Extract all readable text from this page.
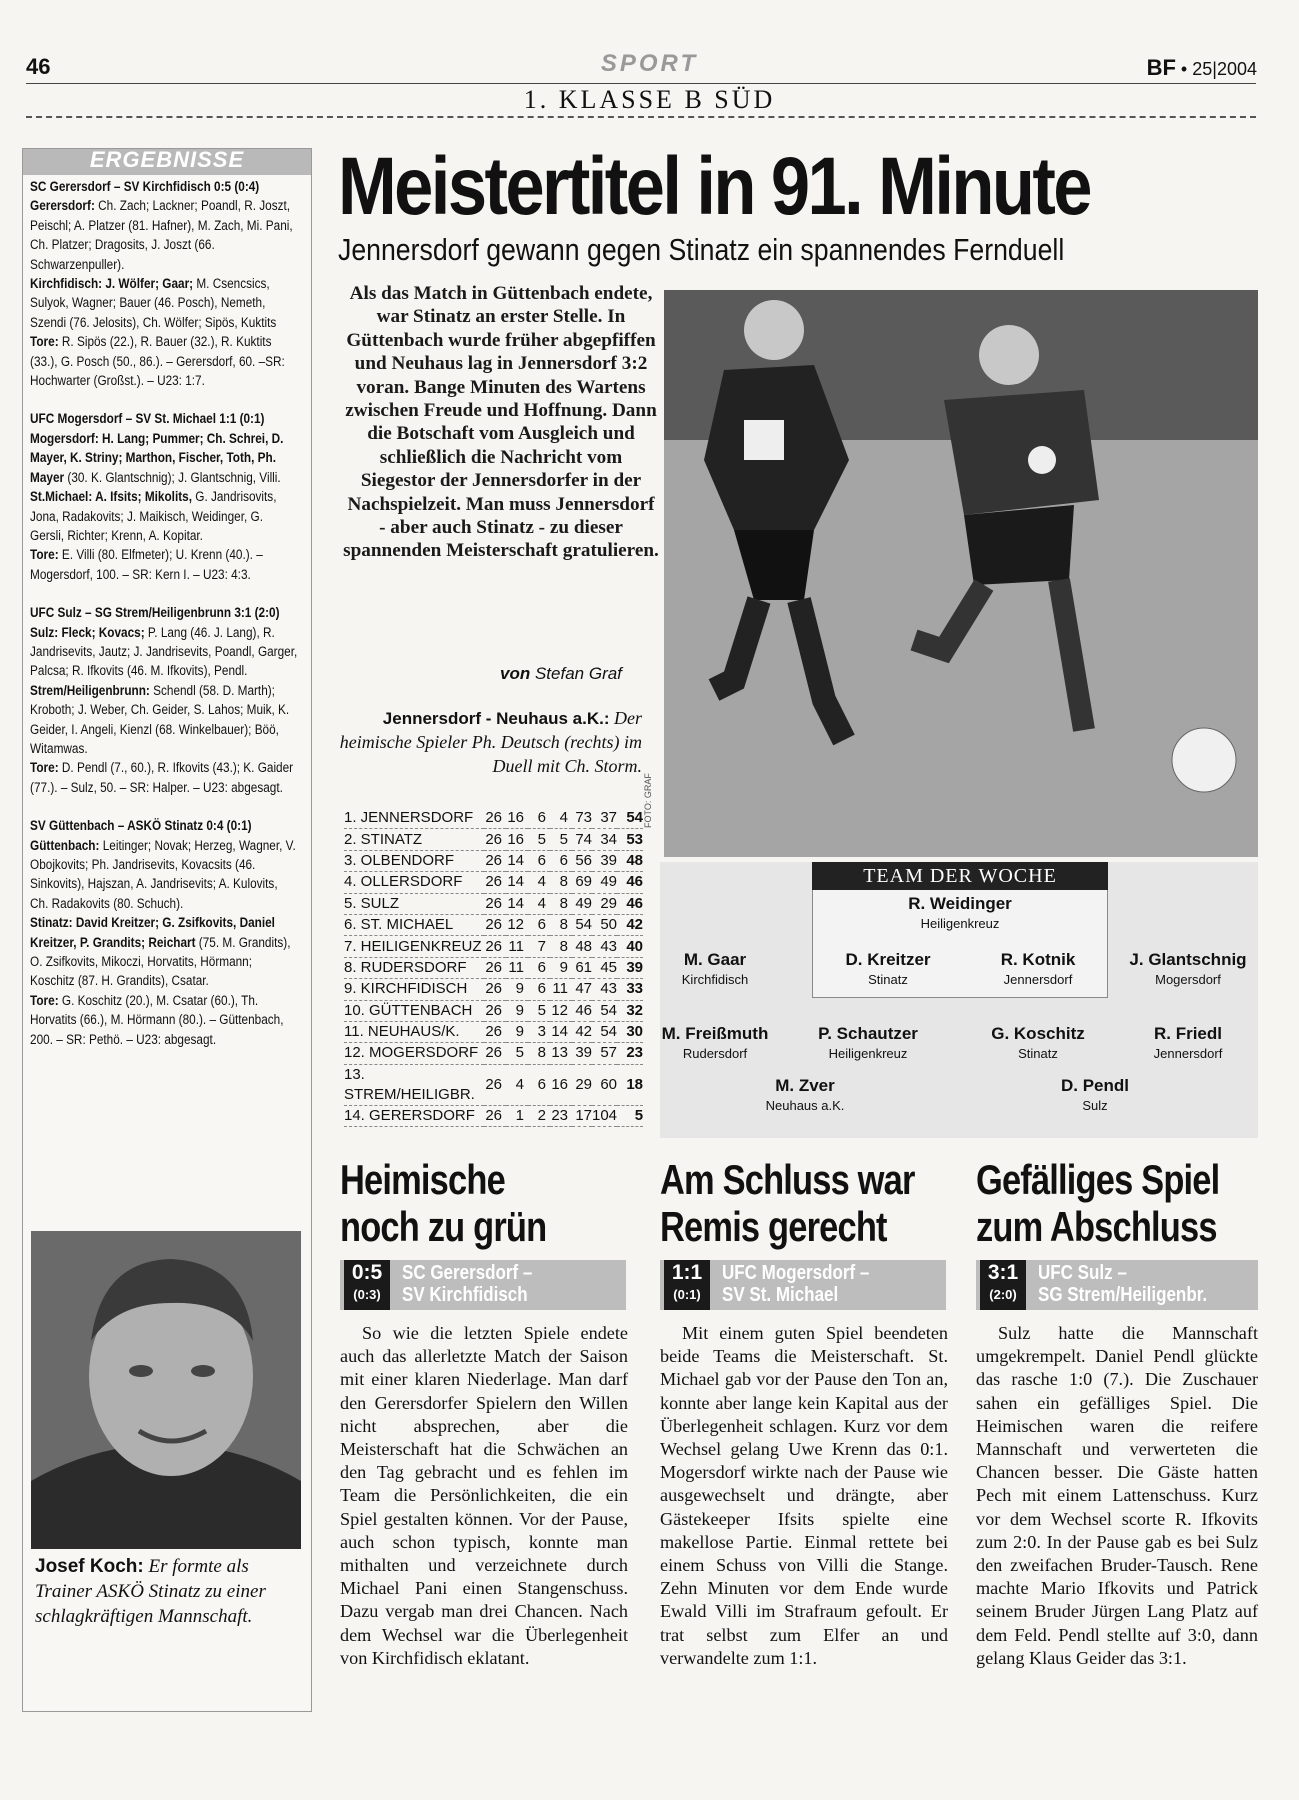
46	SPORT	BF • 25|2004
1. KLASSE B SÜD
ERGEBNISSE

SC Gerersdorf – SV Kirchfidisch 0:5 (0:4)

Gerersdorf: Ch. Zach; Lackner; Poandl, R. Joszt, Peischl; A. Platzer (81. Hafner), M. Zach, Mi. Pani, Ch. Platzer; Dragosits, J. Joszt (66. Schwarzenpuller).

Kirchfidisch: J. Wölfer; Gaar; M. Csencsics, Sulyok, Wagner; Bauer (46. Posch), Nemeth, Szendi (76. Jelosits), Ch. Wölfer; Sipös, Kuktits

Tore: R. Sipös (22.), R. Bauer (32.), R. Kuktits (33.), G. Posch (50., 86.). – Gerersdorf, 60. –SR: Hochwarter (Großst.). – U23: 1:7.

UFC Mogersdorf – SV St. Michael 1:1 (0:1)

Mogersdorf: H. Lang; Pummer; Ch. Schrei, D. Mayer, K. Striny; Marthon, Fischer, Toth, Ph. Mayer (30. K. Glantschnig); J. Glantschnig, Villi.

St.Michael: A. Ifsits; Mikolits, G. Jandrisovits, Jona, Radakovits; J. Maikisch, Weidinger, G. Gersli, Richter; Krenn, A. Kopitar.

Tore: E. Villi (80. Elfmeter); U. Krenn (40.). – Mogersdorf, 100. – SR: Kern I. – U23: 4:3.

UFC Sulz – SG Strem/Heiligenbrunn 3:1 (2:0)

Sulz: Fleck; Kovacs; P. Lang (46. J. Lang), R. Jandrisevits, Jautz; J. Jandrisevits, Poandl, Garger, Palcsa; R. Ifkovits (46. M. Ifkovits), Pendl.

Strem/Heiligenbrunn: Schendl (58. D. Marth); Kroboth; J. Weber, Ch. Geider, S. Lahos; Muik, K. Geider, I. Angeli, Kienzl (68. Winkelbauer); Böö, Witamwas.

Tore: D. Pendl (7., 60.), R. Ifkovits (43.); K. Gaider (77.). – Sulz, 50. – SR: Halper. – U23: abgesagt.

SV Güttenbach – ASKÖ Stinatz 0:4 (0:1)

Güttenbach: Leitinger; Novak; Herzeg, Wagner, V. Obojkovits; Ph. Jandrisevits, Kovacsits (46. Sinkovits), Hajszan, A. Jandrisevits; A. Kulovits, Ch. Radakovits (80. Schuch).

Stinatz: David Kreitzer; G. Zsifkovits, Daniel Kreitzer, P. Grandits; Reichart (75. M. Grandits), O. Zsifkovits, Mikoczi, Horvatits, Hörmann; Koschitz (87. H. Grandits), Csatar.

Tore: G. Koschitz (20.), M. Csatar (60.), Th. Horvatits (66.), M. Hörmann (80.). – Güttenbach, 200. – SR: Pethö. – U23: abgesagt.

Josef Koch: Er formte als Trainer ASKÖ Stinatz zu einer schlagkräftigen Mannschaft.
Meistertitel in 91. Minute
Jennersdorf gewann gegen Stinatz ein spannendes Fernduell
Als das Match in Güttenbach endete, war Stinatz an erster Stelle. In Güttenbach wurde früher abgepfiffen und Neuhaus lag in Jennersdorf 3:2 voran. Bange Minuten des Wartens zwischen Freude und Hoffnung. Dann die Botschaft vom Ausgleich und schließlich die Nachricht vom Siegestor der Jennersdorfer in der Nachspielzeit. Man muss Jennersdorf - aber auch Stinatz - zu dieser spannenden Meisterschaft gratulieren.
von Stefan Graf
Jennersdorf - Neuhaus a.K.: Der heimische Spieler Ph. Deutsch (rechts) im Duell mit Ch. Storm.
FOTO: GRAF
1. JENNERSDORF	26	16	6	4	73	37	54
2. STINATZ	26	16	5	5	74	34	53
3. OLBENDORF	26	14	6	6	56	39	48
4. OLLERSDORF	26	14	4	8	69	49	46
5. SULZ	26	14	4	8	49	29	46
6. ST. MICHAEL	26	12	6	8	54	50	42
7. HEILIGENKREUZ	26	11	7	8	48	43	40
8. RUDERSDORF	26	11	6	9	61	45	39
9. KIRCHFIDISCH	26	9	6	11	47	43	33
10. GÜTTENBACH	26	9	5	12	46	54	32
11. NEUHAUS/K.	26	9	3	14	42	54	30
12. MOGERSDORF	26	5	8	13	39	57	23
13. STREM/HEILIGBR.	26	4	6	16	29	60	18
14. GERERSDORF	26	1	2	23	17	104	5
TEAM DER WOCHE
R. Weidinger
Heiligenkreuz
M. Gaar
Kirchfidisch
D. Kreitzer
Stinatz
R. Kotnik
Jennersdorf
J. Glantschnig
Mogersdorf
M. Freißmuth
Rudersdorf
P. Schautzer
Heiligenkreuz
G. Koschitz
Stinatz
R. Friedl
Jennersdorf
M. Zver
Neuhaus a.K.
D. Pendl
Sulz
Heimische
noch zu grün
0:5
(0:3)
SC Gerersdorf –
SV Kirchfidisch
So wie die letzten Spiele endete auch das allerletzte Match der Saison mit einer klaren Niederlage. Man darf den Gerersdorfer Spielern den Willen nicht absprechen, aber die Meisterschaft hat die Schwächen an den Tag gebracht und es fehlen im Team die Persönlichkeiten, die ein Spiel gestalten können. Vor der Pause, auch schon typisch, konnte man mithalten und verzeichnete durch Michael Pani einen Stangenschuss. Dazu vergab man drei Chancen. Nach dem Wechsel war die Überlegenheit von Kirchfidisch eklatant.
Am Schluss war
Remis gerecht
1:1
(0:1)
UFC Mogersdorf –
SV St. Michael
Mit einem guten Spiel beendeten beide Teams die Meisterschaft. St. Michael gab vor der Pause den Ton an, konnte aber lange kein Kapital aus der Überlegenheit schlagen. Kurz vor dem Wechsel gelang Uwe Krenn das 0:1. Mogersdorf wirkte nach der Pause wie ausgewechselt und drängte, aber Gästekeeper Ifsits spielte eine makellose Partie. Einmal rettete bei einem Schuss von Villi die Stange. Zehn Minuten vor dem Ende wurde Ewald Villi im Strafraum gefoult. Er trat selbst zum Elfer an und verwandelte zum 1:1.
Gefälliges Spiel
zum Abschluss
3:1
(2:0)
UFC Sulz –
SG Strem/Heiligenbr.
Sulz hatte die Mannschaft umgekrempelt. Daniel Pendl glückte das rasche 1:0 (7.). Die Zuschauer sahen ein gefälliges Spiel. Die Heimischen waren die reifere Mannschaft und verwerteten die Chancen besser. Die Gäste hatten Pech mit einem Lattenschuss. Kurz vor dem Wechsel scorte R. Ifkovits zum 2:0. In der Pause gab es bei Sulz den zweifachen Bruder-Tausch. Rene machte Mario Ifkovits und Patrick seinem Bruder Jürgen Lang Platz auf dem Feld. Pendl stellte auf 3:0, dann gelang Klaus Geider das 3:1.
